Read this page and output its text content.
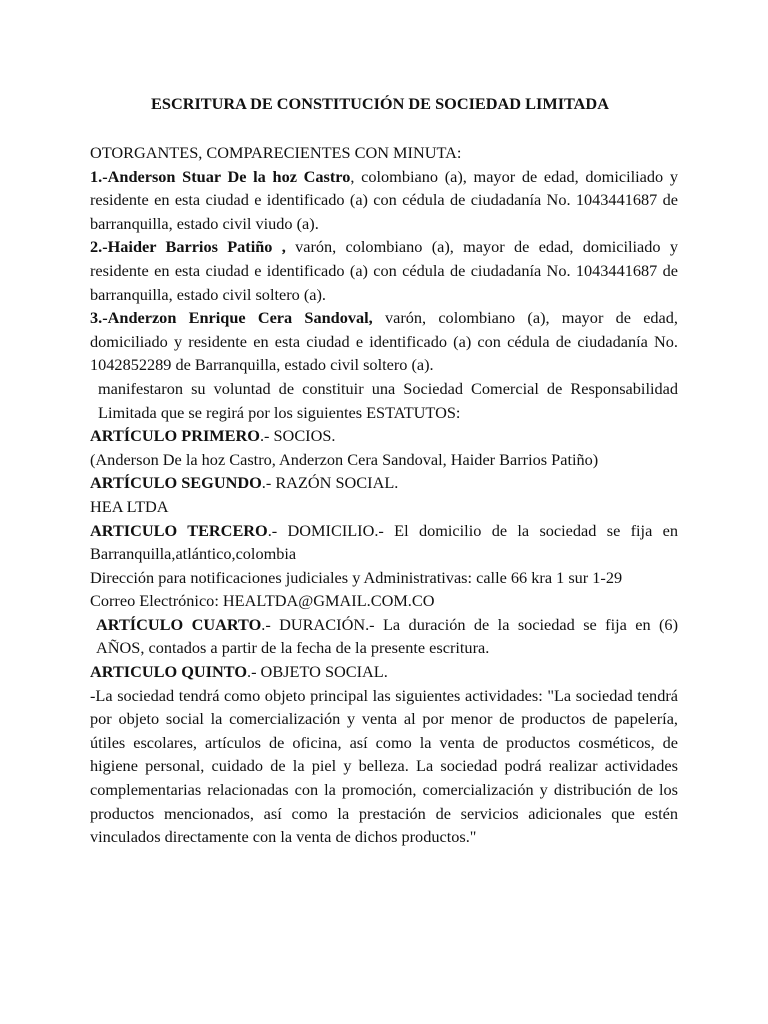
ESCRITURA DE CONSTITUCIÓN DE SOCIEDAD LIMITADA

OTORGANTES, COMPARECIENTES CON MINUTA:

1.-Anderson Stuar De la hoz Castro, colombiano (a), mayor de edad, domiciliado y residente en esta ciudad e identificado (a) con cédula de ciudadanía No. 1043441687 de barranquilla, estado civil viudo (a).

2.-Haider Barrios Patiño , varón, colombiano (a), mayor de edad, domiciliado y residente en esta ciudad e identificado (a) con cédula de ciudadanía No. 1043441687 de barranquilla, estado civil soltero (a).

3.-Anderzon Enrique Cera Sandoval, varón, colombiano (a), mayor de edad, domiciliado y residente en esta ciudad e identificado (a) con cédula de ciudadanía No. 1042852289 de Barranquilla, estado civil soltero (a).

manifestaron su voluntad de constituir una Sociedad Comercial de Responsabilidad Limitada que se regirá por los siguientes ESTATUTOS:

ARTÍCULO PRIMERO.- SOCIOS.

(Anderson De la hoz Castro, Anderzon Cera Sandoval, Haider Barrios Patiño)

ARTÍCULO SEGUNDO.- RAZÓN SOCIAL.

HEA LTDA

ARTICULO TERCERO.- DOMICILIO.- El domicilio de la sociedad se fija en Barranquilla,atlántico,colombia

Dirección para notificaciones judiciales y Administrativas: calle 66 kra 1 sur 1-29

Correo Electrónico: HEALTDA@GMAIL.COM.CO

ARTÍCULO CUARTO.- DURACIÓN.- La duración de la sociedad se fija en (6) AÑOS, contados a partir de la fecha de la presente escritura.

ARTICULO QUINTO.- OBJETO SOCIAL.

-La sociedad tendrá como objeto principal las siguientes actividades: "La sociedad tendrá por objeto social la comercialización y venta al por menor de productos de papelería, útiles escolares, artículos de oficina, así como la venta de productos cosméticos, de higiene personal, cuidado de la piel y belleza. La sociedad podrá realizar actividades complementarias relacionadas con la promoción, comercialización y distribución de los productos mencionados, así como la prestación de servicios adicionales que estén vinculados directamente con la venta de dichos productos."
